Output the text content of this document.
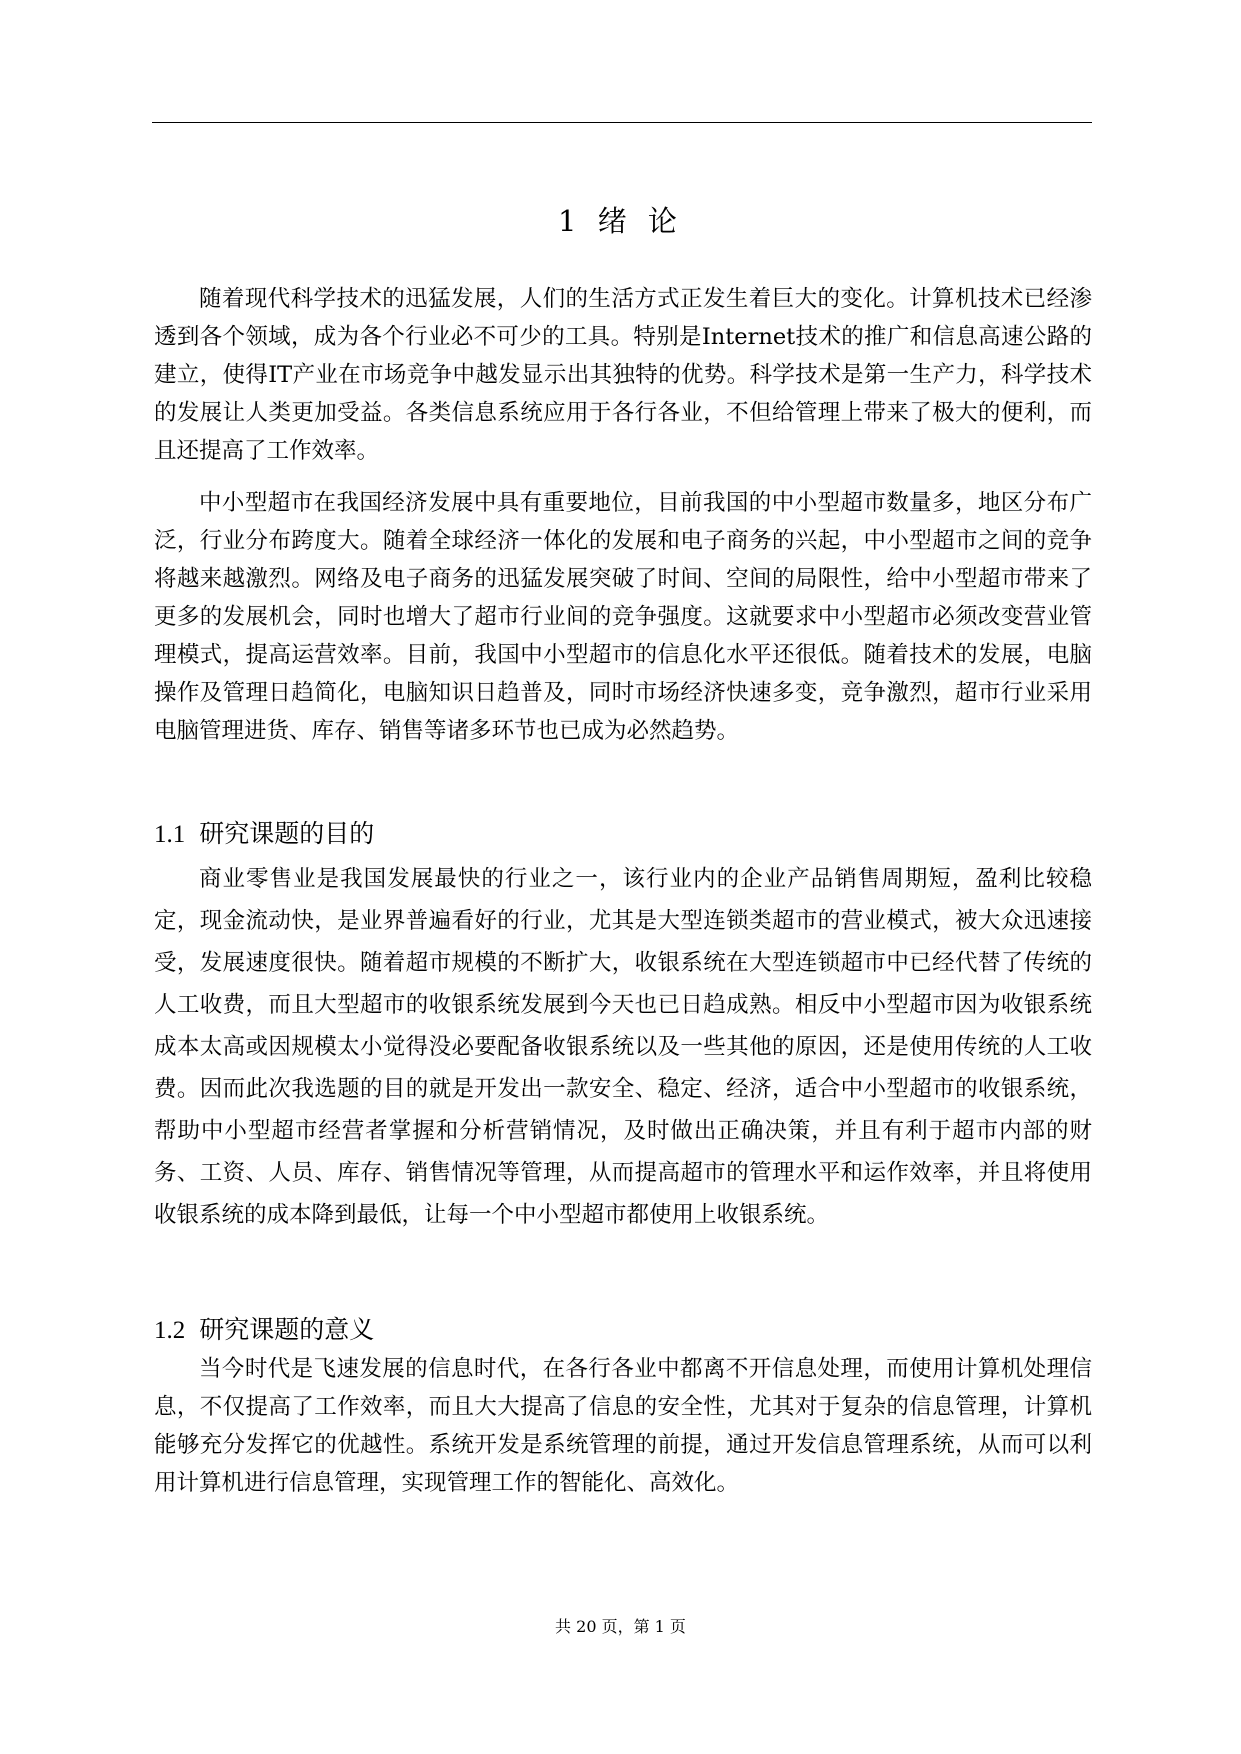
1 绪 论

随着现代科学技术的迅猛发展，人们的生活方式正发生着巨大的变化。计算机技术已经渗透到各个领域，成为各个行业必不可少的工具。特别是Internet技术的推广和信息高速公路的建立，使得IT产业在市场竞争中越发显示出其独特的优势。科学技术是第一生产力，科学技术的发展让人类更加受益。各类信息系统应用于各行各业，不但给管理上带来了极大的便利，而且还提高了工作效率。

中小型超市在我国经济发展中具有重要地位，目前我国的中小型超市数量多，地区分布广泛，行业分布跨度大。随着全球经济一体化的发展和电子商务的兴起，中小型超市之间的竞争将越来越激烈。网络及电子商务的迅猛发展突破了时间、空间的局限性，给中小型超市带来了更多的发展机会，同时也增大了超市行业间的竞争强度。这就要求中小型超市必须改变营业管理模式，提高运营效率。目前，我国中小型超市的信息化水平还很低。随着技术的发展，电脑操作及管理日趋简化，电脑知识日趋普及，同时市场经济快速多变，竞争激烈，超市行业采用电脑管理进货、库存、销售等诸多环节也已成为必然趋势。

1.1 研究课题的目的

商业零售业是我国发展最快的行业之一，该行业内的企业产品销售周期短，盈利比较稳定，现金流动快，是业界普遍看好的行业，尤其是大型连锁类超市的营业模式，被大众迅速接受，发展速度很快。随着超市规模的不断扩大，收银系统在大型连锁超市中已经代替了传统的人工收费，而且大型超市的收银系统发展到今天也已日趋成熟。相反中小型超市因为收银系统成本太高或因规模太小觉得没必要配备收银系统以及一些其他的原因，还是使用传统的人工收费。因而此次我选题的目的就是开发出一款安全、稳定、经济，适合中小型超市的收银系统，帮助中小型超市经营者掌握和分析营销情况，及时做出正确决策，并且有利于超市内部的财务、工资、人员、库存、销售情况等管理，从而提高超市的管理水平和运作效率，并且将使用收银系统的成本降到最低，让每一个中小型超市都使用上收银系统。

1.2 研究课题的意义

当今时代是飞速发展的信息时代，在各行各业中都离不开信息处理，而使用计算机处理信息，不仅提高了工作效率，而且大大提高了信息的安全性，尤其对于复杂的信息管理，计算机能够充分发挥它的优越性。系统开发是系统管理的前提，通过开发信息管理系统，从而可以利用计算机进行信息管理，实现管理工作的智能化、高效化。

共 20 页，第 1 页
